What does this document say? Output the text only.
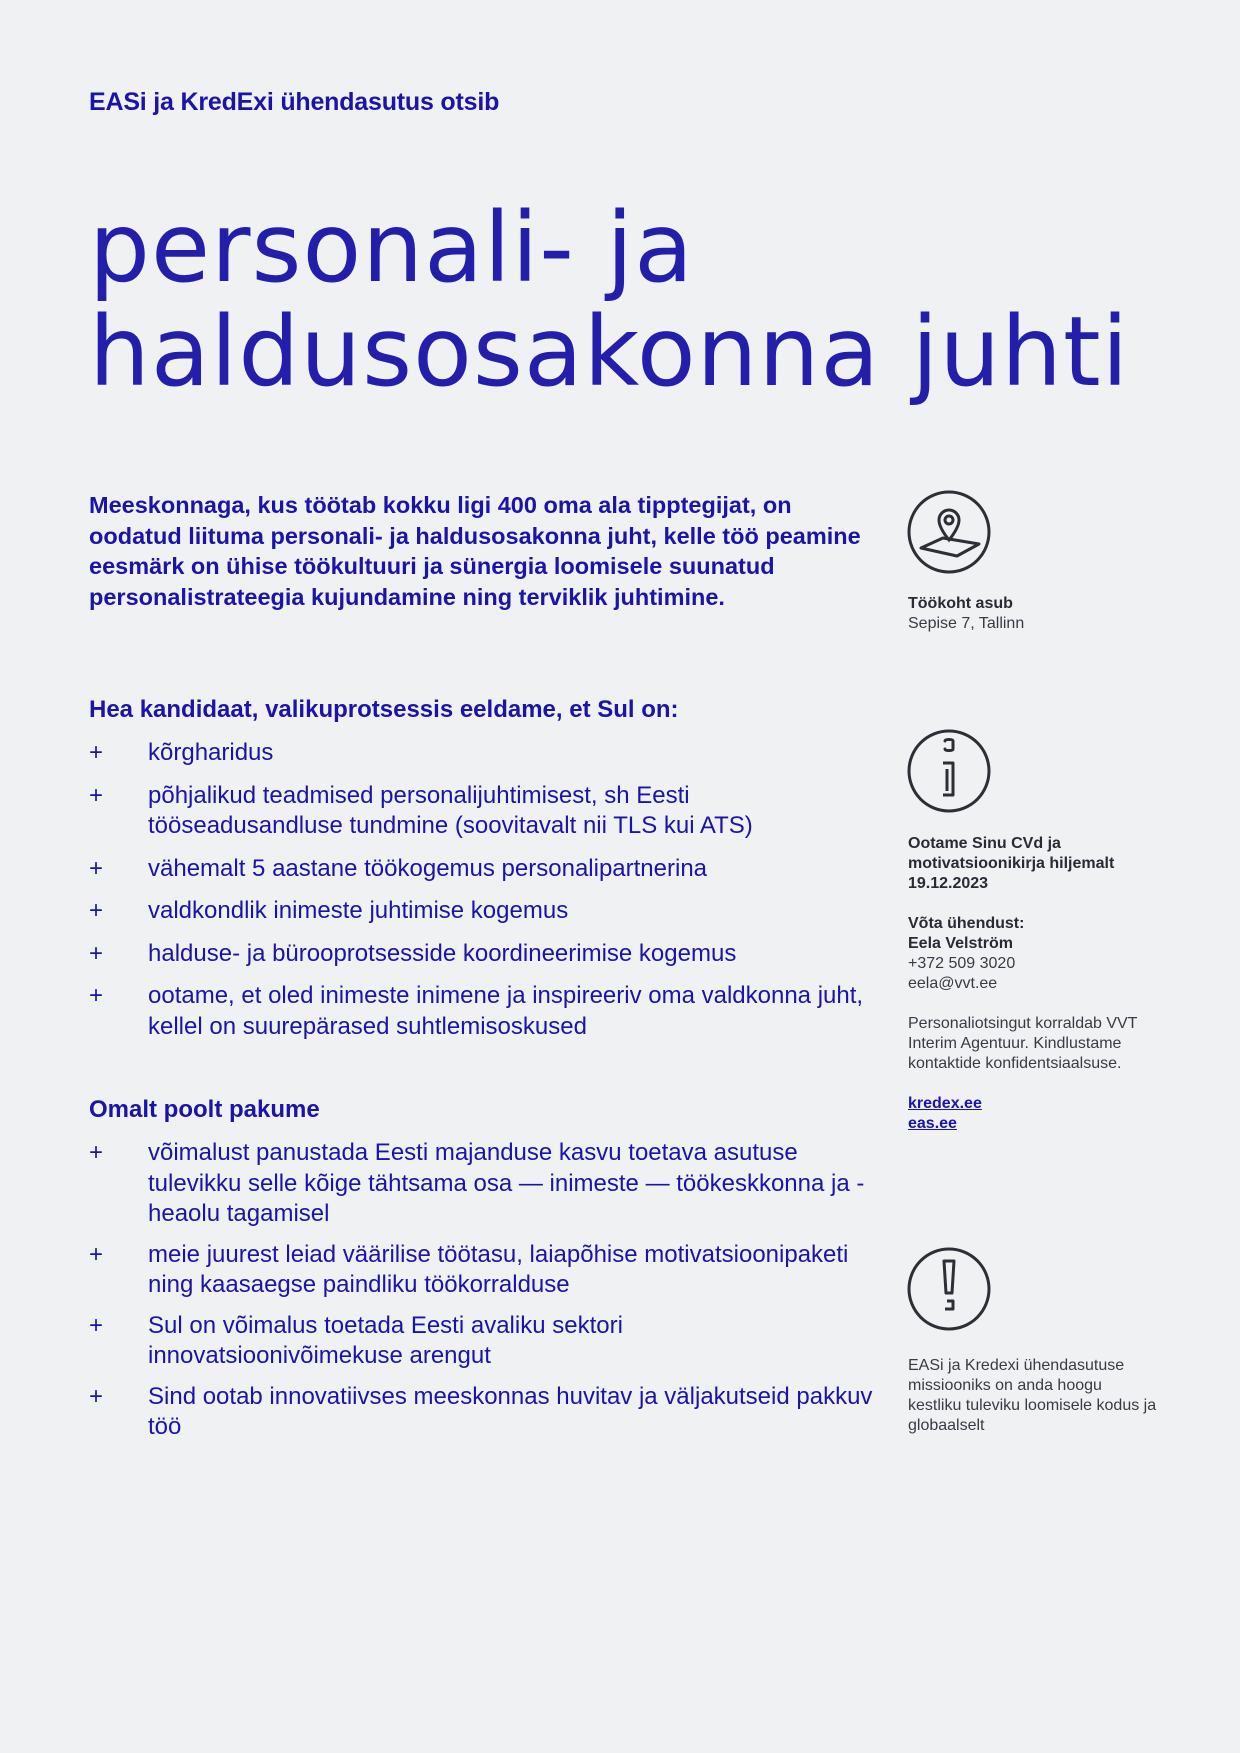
EASi ja KredExi ühendasutus otsib

personali- ja
haldusosakonna juhti

Meeskonnaga, kus töötab kokku ligi 400 oma ala tipptegijat, on oodatud liituma personali- ja haldusosakonna juht, kelle töö peamine eesmärk on ühise töökultuuri ja sünergia loomisele suunatud personalistrateegia kujundamine ning terviklik juhtimine.

Hea kandidaat, valikuprotsessis eeldame, et Sul on:
+ kõrgharidus
+ põhjalikud teadmised personalijuhtimisest, sh Eesti tööseadusandluse tundmine (soovitavalt nii TLS kui ATS)
+ vähemalt 5 aastane töökogemus personalipartnerina
+ valdkondlik inimeste juhtimise kogemus
+ halduse- ja bürooprotsesside koordineerimise kogemus
+ ootame, et oled inimeste inimene ja inspireeriv oma valdkonna juht, kellel on suurepärased suhtlemisoskused
Omalt poolt pakume
+ võimalust panustada Eesti majanduse kasvu toetava asutuse tulevikku selle kõige tähtsama osa — inimeste — töökeskkonna ja -heaolu tagamisel
+ meie juurest leiad väärilise töötasu, laiapõhise motivatsioonipaketi ning kaasaegse paindliku töökorralduse
+ Sul on võimalus toetada Eesti avaliku sektori innovatsioonivõimekuse arengut
+ Sind ootab innovatiivses meeskonnas huvitav ja väljakutseid pakkuv töö

Töökoht asub

Sepise 7, Tallinn

Ootame Sinu CVd ja motivatsioonikirja hiljemalt 19.12.2023

Võta ühendust:

Eela Velström

+372 509 3020

eela@vvt.ee

Personaliotsingut korraldab VVT Interim Agentuur. Kindlustame kontaktide konfidentsiaalsuse.

kredex.ee
eas.ee

EASi ja Kredexi ühendasutuse missiooniks on anda hoogu kestliku tuleviku loomisele kodus ja globaalselt
